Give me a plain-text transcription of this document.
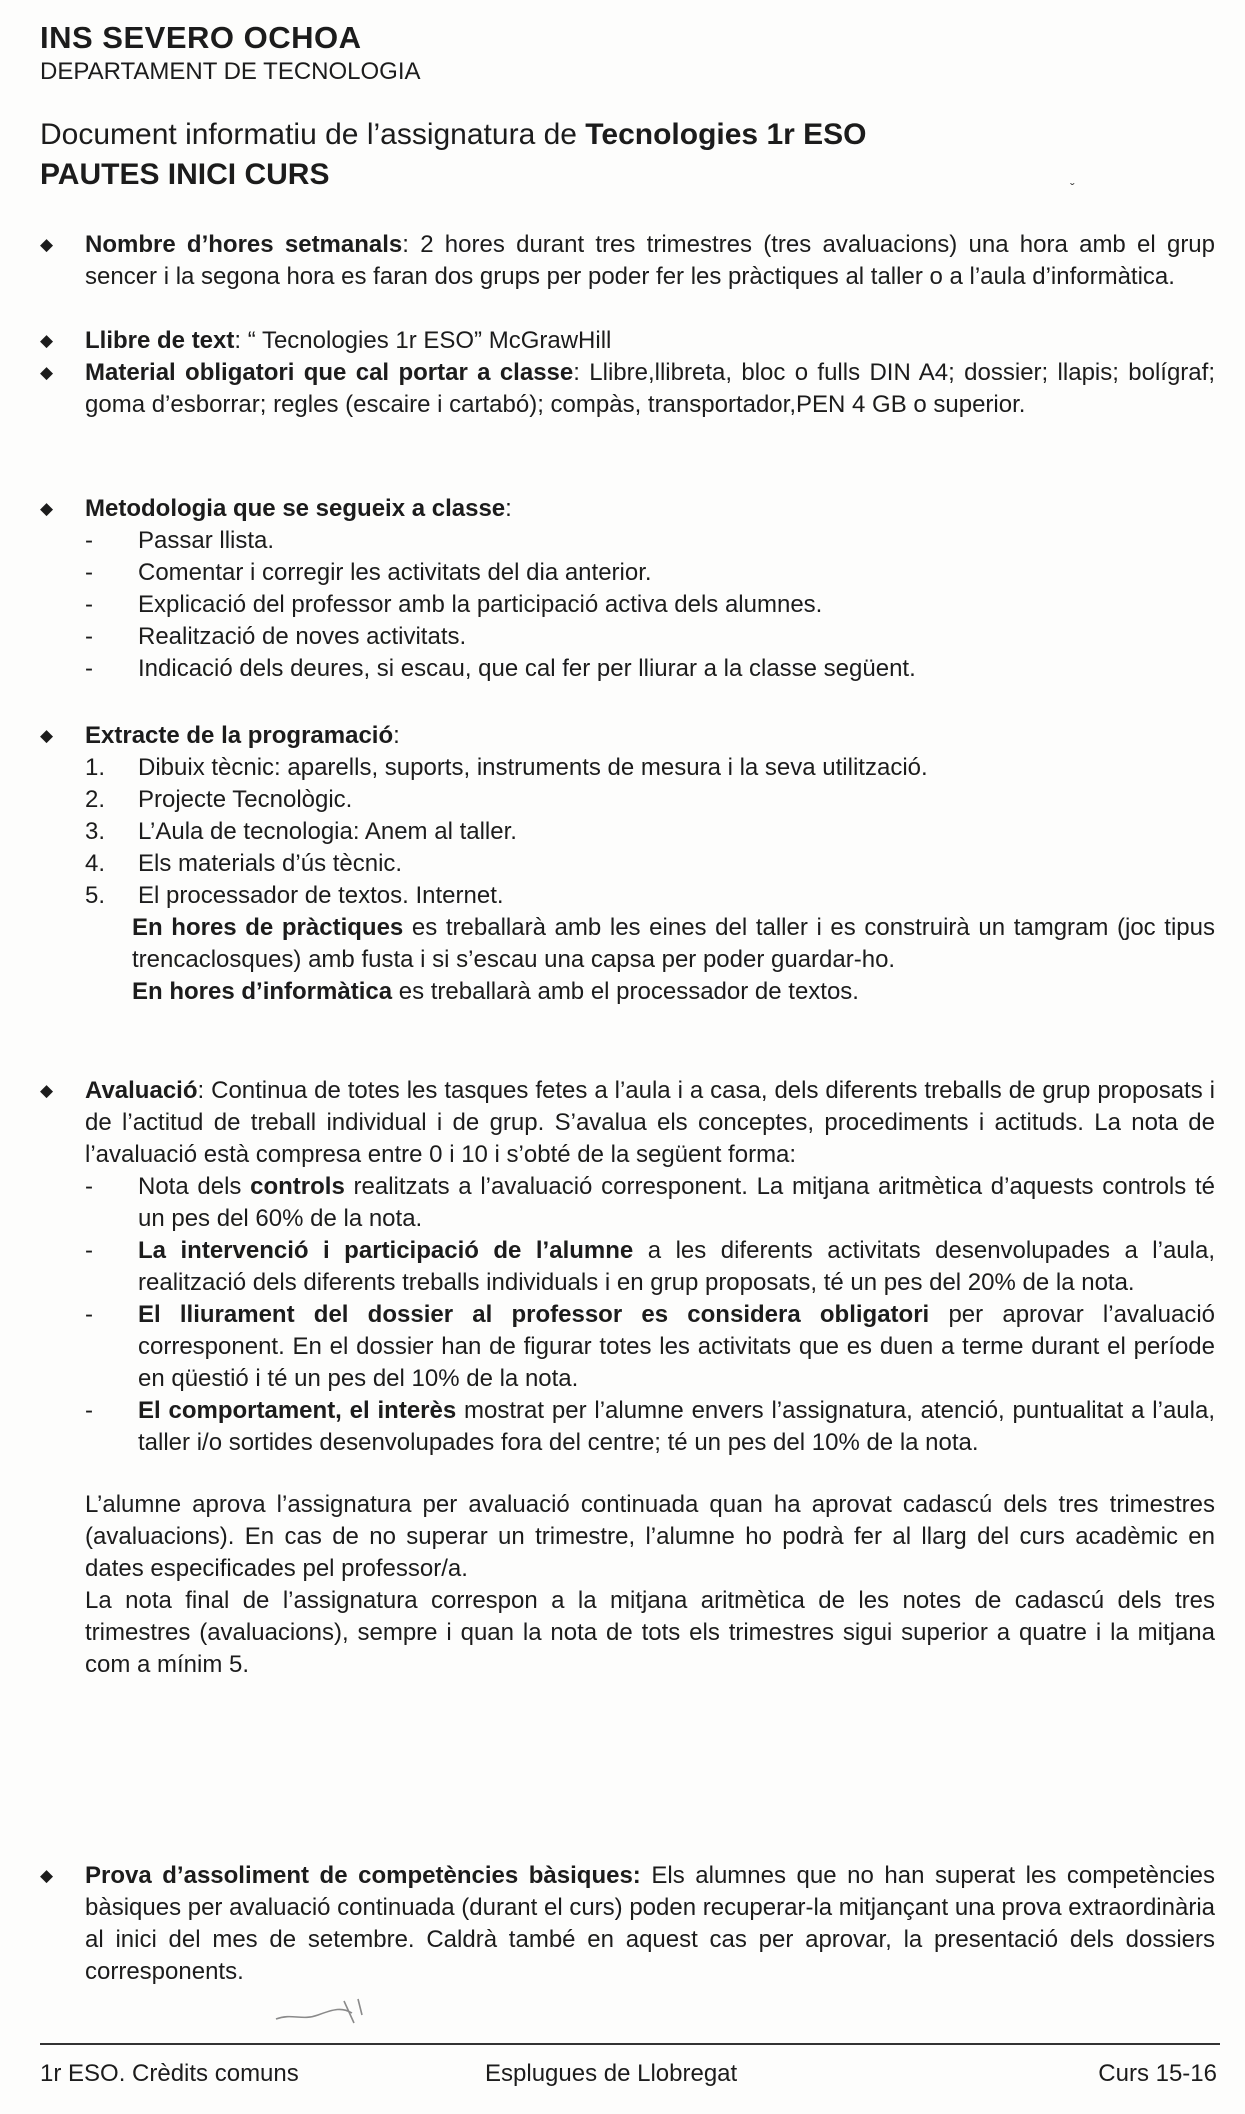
INS SEVERO OCHOA
DEPARTAMENT DE TECNOLOGIA
Document informatiu de l’assignatura de Tecnologies 1r ESO
PAUTES INICI CURS	ˇ
◆ Nombre d’hores setmanals: 2 hores durant tres trimestres (tres avaluacions) una hora amb el grup sencer i la segona hora es faran dos grups per poder fer les pràctiques al taller o a l’aula d’informàtica.
◆ Llibre de text: “ Tecnologies 1r ESO” McGrawHill
◆ Material obligatori que cal portar a classe: Llibre,llibreta, bloc o fulls DIN A4; dossier; llapis; bolígraf; goma d’esborrar; regles (escaire i cartabó); compàs, transportador,PEN 4 GB o superior.
◆ Metodologia que se segueix a classe:
- Passar llista.
- Comentar i corregir les activitats del dia anterior.
- Explicació del professor amb la participació activa dels alumnes.
- Realització de noves activitats.
- Indicació dels deures, si escau, que cal fer per lliurar a la classe següent.
◆ Extracte de la programació:
1. Dibuix tècnic: aparells, suports, instruments de mesura i la seva utilització.
2. Projecte Tecnològic.
3. L’Aula de tecnologia: Anem al taller.
4. Els materials d’ús tècnic.
5. El processador de textos. Internet.
En hores de pràctiques es treballarà amb les eines del taller i es construirà un tamgram (joc tipus trencaclosques) amb fusta i si s’escau una capsa per poder guardar-ho.
En hores d’informàtica es treballarà amb el processador de textos.
◆ Avaluació: Continua de totes les tasques fetes a l’aula i a casa, dels diferents treballs de grup proposats i de l’actitud de treball individual i de grup. S’avalua els conceptes, procediments i actituds. La nota de l’avaluació està compresa entre 0 i 10 i s’obté de la següent forma:
- Nota dels controls realitzats a l’avaluació corresponent. La mitjana aritmètica d’aquests controls té un pes del 60% de la nota.
- La intervenció i participació de l’alumne a les diferents activitats desenvolupades a l’aula, realització dels diferents treballs individuals i en grup proposats, té un pes del 20% de la nota.
- El lliurament del dossier al professor es considera obligatori per aprovar l’avaluació corresponent. En el dossier han de figurar totes les activitats que es duen a terme durant el període en qüestió i té un pes del 10% de la nota.
- El comportament, el interès mostrat per l’alumne envers l’assignatura, atenció, puntualitat a l’aula, taller i/o sortides desenvolupades fora del centre; té un pes del 10% de la nota.

L’alumne aprova l’assignatura per avaluació continuada quan ha aprovat cadascú dels tres trimestres (avaluacions). En cas de no superar un trimestre, l’alumne ho podrà fer al llarg del curs acadèmic en dates especificades pel professor/a.

La nota final de l’assignatura correspon a la mitjana aritmètica de les notes de cadascú dels tres trimestres (avaluacions), sempre i quan la nota de tots els trimestres sigui superior a quatre i la mitjana com a mínim 5.

◆ Prova d’assoliment de competències bàsiques: Els alumnes que no han superat les competències bàsiques per avaluació continuada (durant el curs) poden recuperar-la mitjançant una prova extraordinària al inici del mes de setembre. Caldrà també en aquest cas per aprovar, la presentació dels dossiers corresponents.
1r ESO. Crèdits comuns	Esplugues de Llobregat	Curs 15-16
